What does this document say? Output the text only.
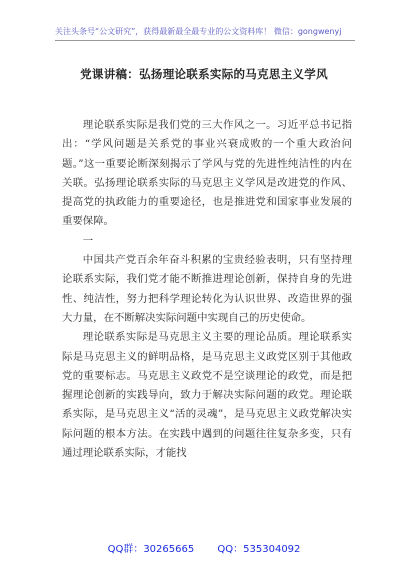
关注头条号“公文研究”，获得最新最全最专业的公文资料库！ 微信：gongwenyj
党课讲稿：弘扬理论联系实际的马克思主义学风

理论联系实际是我们党的三大作风之一。习近平总书记指出：“学风问题是关系党的事业兴衰成败的一个重大政治问题。”这一重要论断深刻揭示了学风与党的先进性纯洁性的内在关联。弘扬理论联系实际的马克思主义学风是改进党的作风、提高党的执政能力的重要途径，也是推进党和国家事业发展的重要保障。

一

中国共产党百余年奋斗积累的宝贵经验表明，只有坚持理论联系实际，我们党才能不断推进理论创新，保持自身的先进性、纯洁性，努力把科学理论转化为认识世界、改造世界的强大力量，在不断解决实际问题中实现自己的历史使命。

理论联系实际是马克思主义主要的理论品质。理论联系实际是马克思主义的鲜明品格，是马克思主义政党区别于其他政党的重要标志。马克思主义政党不是空谈理论的政党，而是把握理论创新的实践导向，致力于解决实际问题的政党。理论联系实际，是马克思主义“活的灵魂”，是马克思主义政党解决实际问题的根本方法。在实践中遇到的问题往往复杂多变，只有通过理论联系实际，才能找

QQ群：30265665 QQ：535304092
